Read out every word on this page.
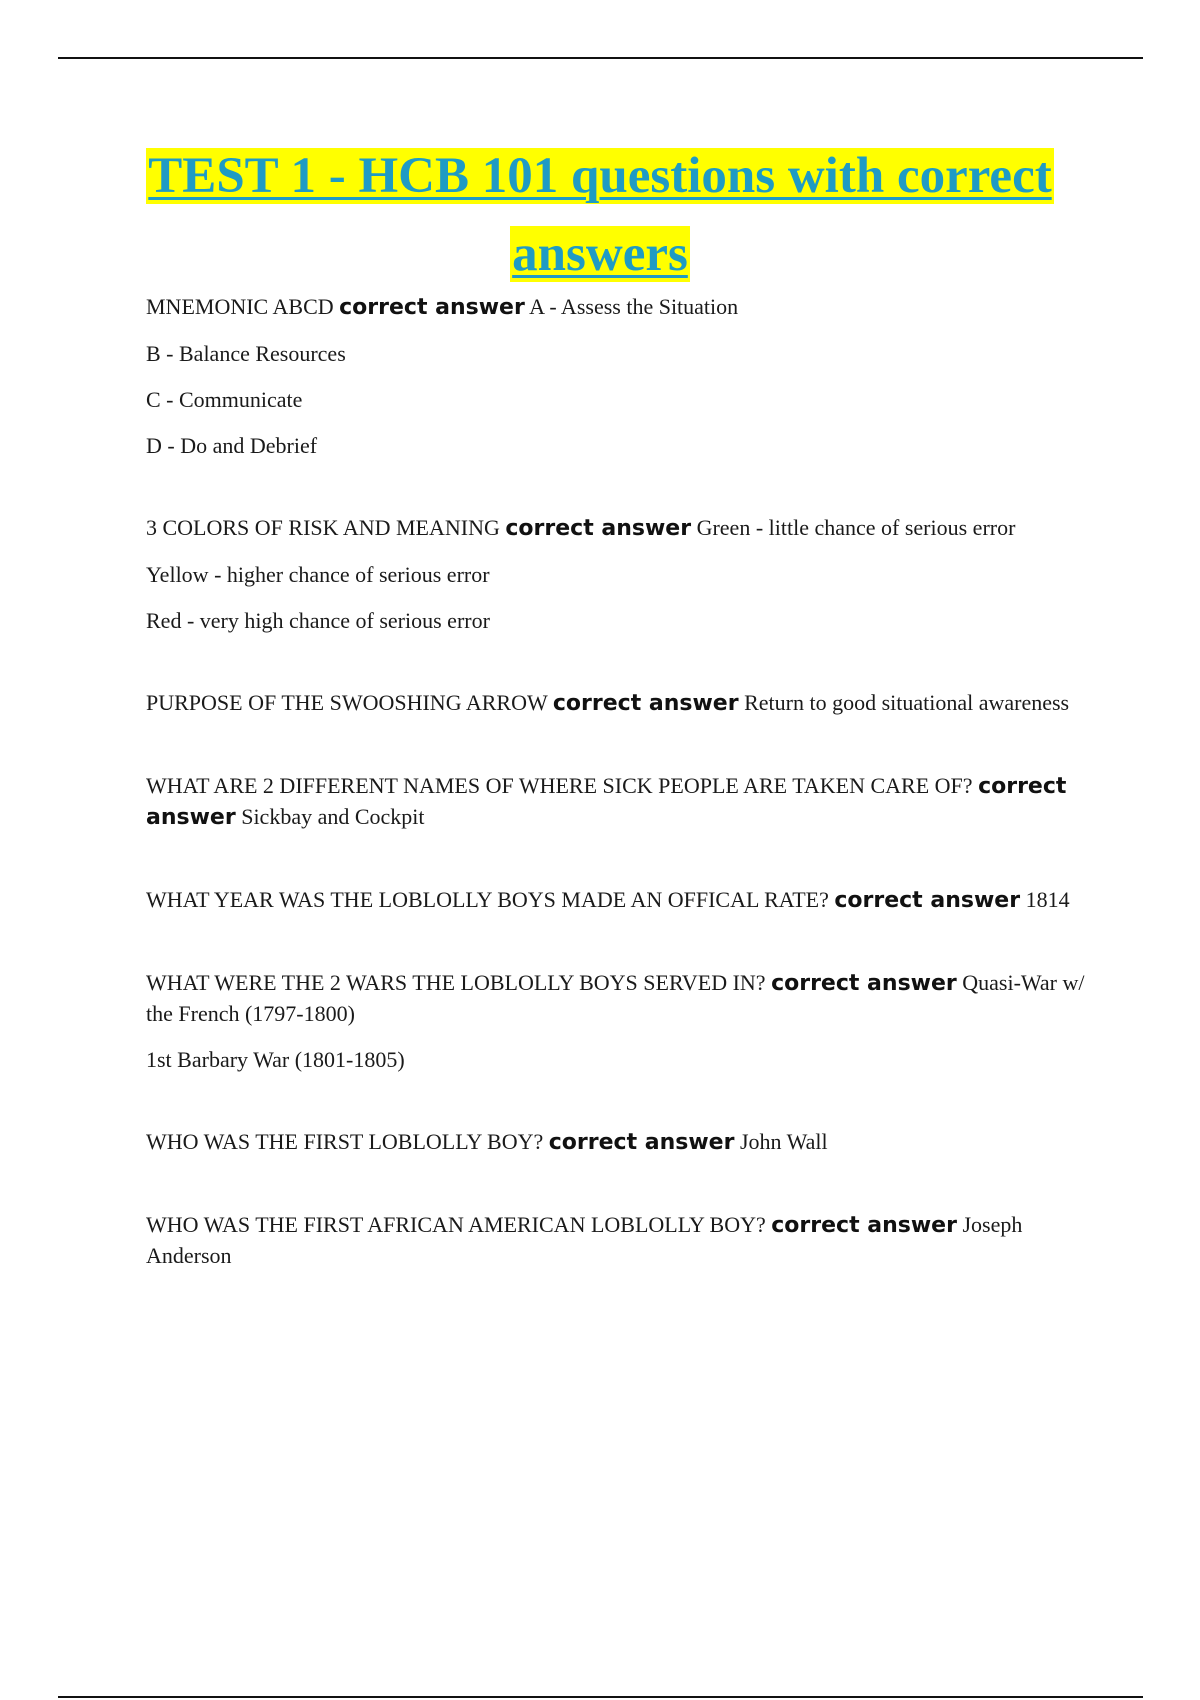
TEST 1 - HCB 101 questions with correct answers

MNEMONIC ABCD correct answer A - Assess the Situation

B - Balance Resources

C - Communicate

D - Do and Debrief

3 COLORS OF RISK AND MEANING correct answer Green - little chance of serious error

Yellow - higher chance of serious error

Red - very high chance of serious error

PURPOSE OF THE SWOOSHING ARROW correct answer Return to good situational awareness

WHAT ARE 2 DIFFERENT NAMES OF WHERE SICK PEOPLE ARE TAKEN CARE OF? correct answer Sickbay and Cockpit

WHAT YEAR WAS THE LOBLOLLY BOYS MADE AN OFFICAL RATE? correct answer 1814

WHAT WERE THE 2 WARS THE LOBLOLLY BOYS SERVED IN? correct answer Quasi-War w/ the French (1797-1800)

1st Barbary War (1801-1805)

WHO WAS THE FIRST LOBLOLLY BOY? correct answer John Wall

WHO WAS THE FIRST AFRICAN AMERICAN LOBLOLLY BOY? correct answer Joseph Anderson
